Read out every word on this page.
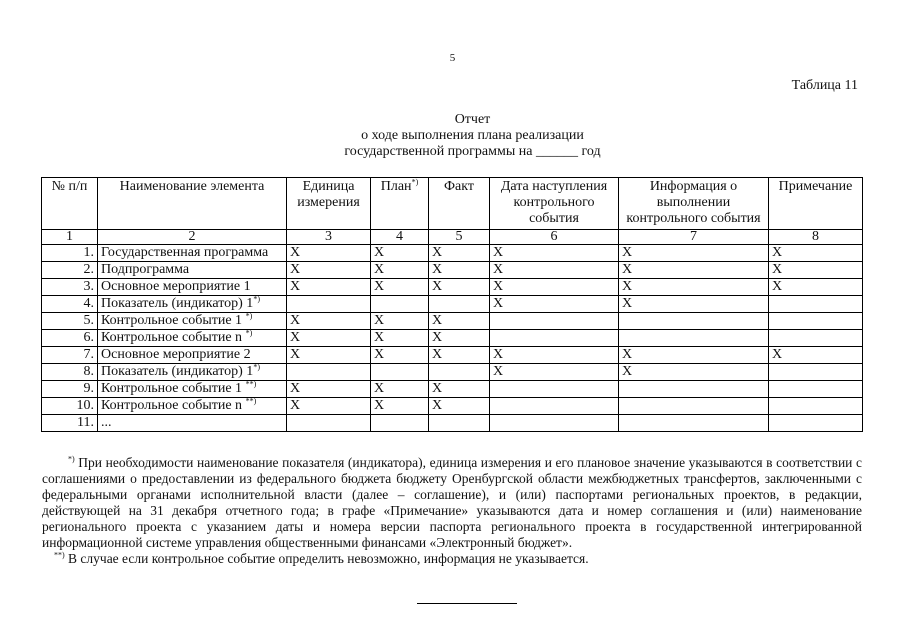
5
Таблица 11
Отчет
о ходе выполнения плана реализации
государственной программы на ______ год
№ п/п	Наименование элемента	Единица измерения	План*)	Факт	Дата наступления контрольного события	Информация о выполнении контрольного события	Примечание
1	2	3	4	5	6	7	8
1.	Государственная программа	X	X	X	X	X	X
2.	Подпрограмма	X	X	X	X	X	X
3.	Основное мероприятие 1	X	X	X	X	X	X
4.	Показатель (индикатор) 1*)				X	X	
5.	Контрольное событие 1 *)	X	X	X			
6.	Контрольное событие n *)	X	X	X			
7.	Основное мероприятие 2	X	X	X	X	X	X
8.	Показатель (индикатор) 1*)				X	X	
9.	Контрольное событие 1 **)	X	X	X			
10.	Контрольное событие n **)	X	X	X			
11.	...						

*) При необходимости наименование показателя (индикатора), единица измерения и его плановое значение указываются в соответствии с соглашениями о предоставлении из федерального бюджета бюджету Оренбургской области межбюджетных трансфертов, заключенными с федеральными органами исполнительной власти (далее – соглашение), и (или) паспортами региональных проектов, в редакции, действующей на 31 декабря отчетного года; в графе «Примечание» указываются дата и номер соглашения и (или) наименование регионального проекта с указанием даты и номера версии паспорта регионального проекта в государственной интегрированной информационной системе управления общественными финансами «Электронный бюджет».

**) В случае если контрольное событие определить невозможно, информация не указывается.
